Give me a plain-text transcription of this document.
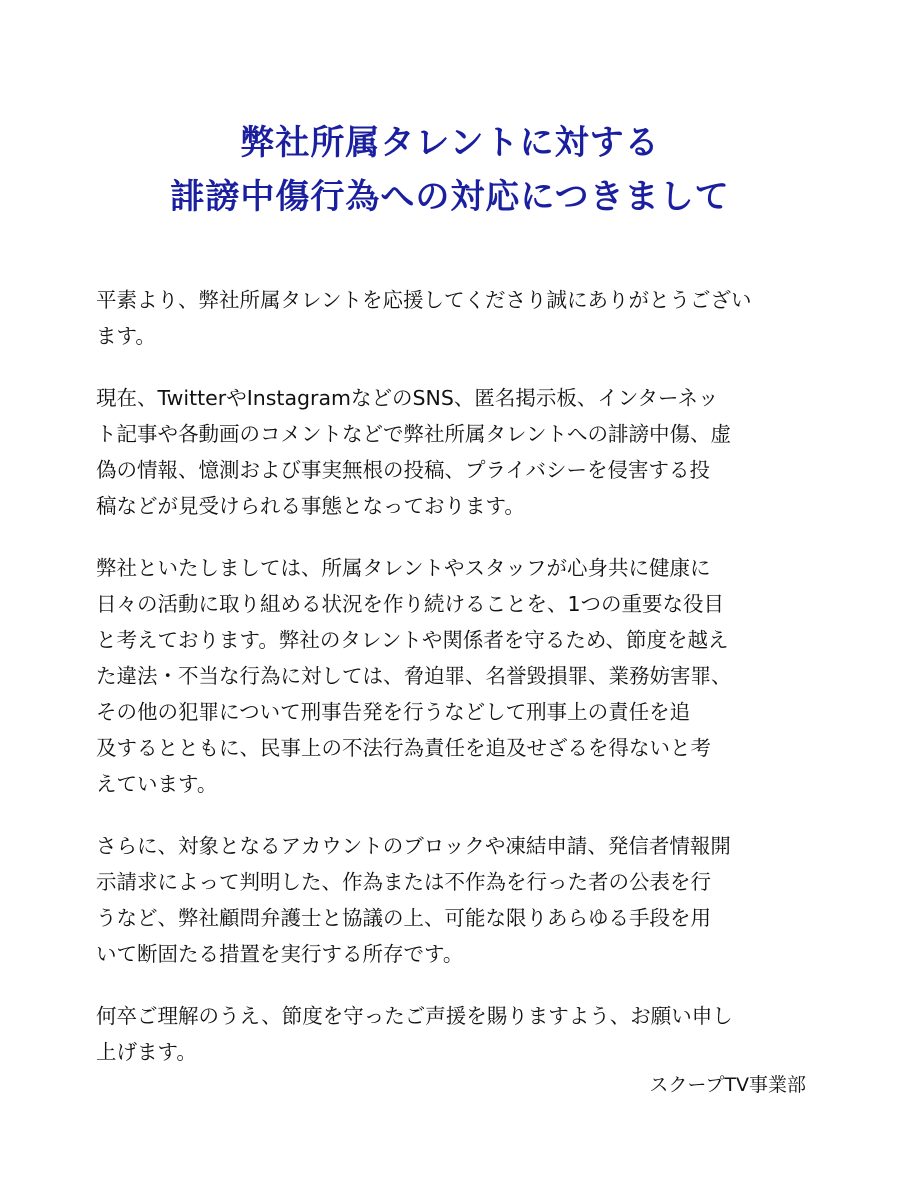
弊社所属タレントに対する
誹謗中傷行為への対応につきまして

平素より、弊社所属タレントを応援してくださり誠にありがとうござい
ます。

現在、TwitterやInstagramなどのSNS、匿名掲示板、インターネッ
ト記事や各動画のコメントなどで弊社所属タレントへの誹謗中傷、虚
偽の情報、憶測および事実無根の投稿、プライバシーを侵害する投
稿などが見受けられる事態となっております。

弊社といたしましては、所属タレントやスタッフが心身共に健康に
日々の活動に取り組める状況を作り続けることを、1つの重要な役目
と考えております。弊社のタレントや関係者を守るため、節度を越え
た違法・不当な行為に対しては、脅迫罪、名誉毀損罪、業務妨害罪、
その他の犯罪について刑事告発を行うなどして刑事上の責任を追
及するとともに、民事上の不法行為責任を追及せざるを得ないと考
えています。

さらに、対象となるアカウントのブロックや凍結申請、発信者情報開
示請求によって判明した、作為または不作為を行った者の公表を行
うなど、弊社顧問弁護士と協議の上、可能な限りあらゆる手段を用
いて断固たる措置を実行する所存です。

何卒ご理解のうえ、節度を守ったご声援を賜りますよう、お願い申し
上げます。

スクープTV事業部
